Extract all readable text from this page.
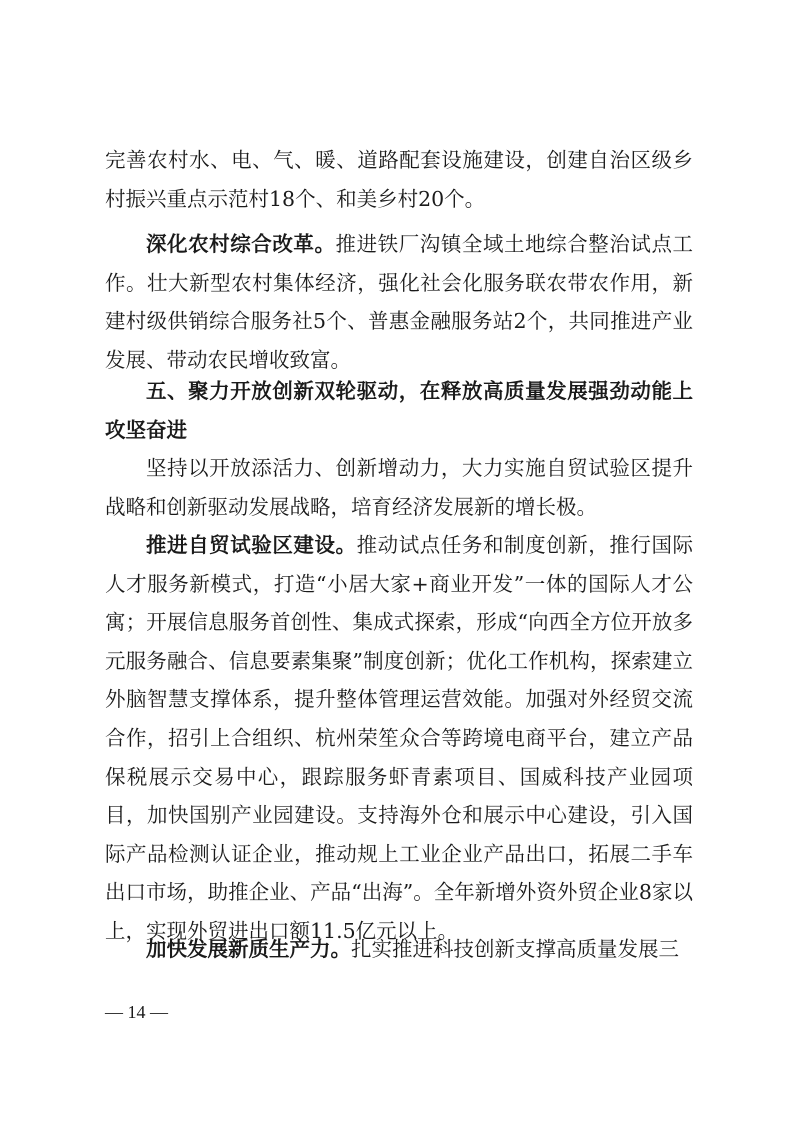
完善农村水、电、气、暖、道路配套设施建设，创建自治区级乡村振兴重点示范村18个、和美乡村20个。

深化农村综合改革。推进铁厂沟镇全域土地综合整治试点工作。壮大新型农村集体经济，强化社会化服务联农带农作用，新建村级供销综合服务社5个、普惠金融服务站2个，共同推进产业发展、带动农民增收致富。

五、聚力开放创新双轮驱动，在释放高质量发展强劲动能上攻坚奋进

坚持以开放添活力、创新增动力，大力实施自贸试验区提升战略和创新驱动发展战略，培育经济发展新的增长极。

推进自贸试验区建设。推动试点任务和制度创新，推行国际人才服务新模式，打造“小居大家+商业开发”一体的国际人才公寓；开展信息服务首创性、集成式探索，形成“向西全方位开放多元服务融合、信息要素集聚”制度创新；优化工作机构，探索建立外脑智慧支撑体系，提升整体管理运营效能。加强对外经贸交流合作，招引上合组织、杭州荣笙众合等跨境电商平台，建立产品保税展示交易中心，跟踪服务虾青素项目、国威科技产业园项目，加快国别产业园建设。支持海外仓和展示中心建设，引入国际产品检测认证企业，推动规上工业企业产品出口，拓展二手车出口市场，助推企业、产品“出海”。全年新增外资外贸企业8家以上，实现外贸进出口额11.5亿元以上。

加快发展新质生产力。扎实推进科技创新支撑高质量发展三

— 14 —
